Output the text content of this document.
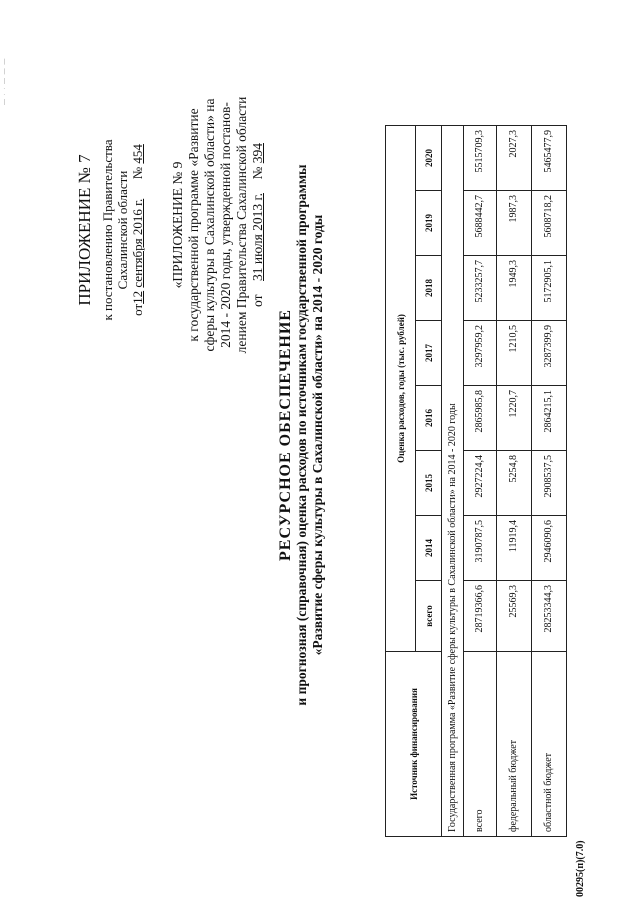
— · · — — —
ПРИЛОЖЕНИЕ № 7 к постановлению Правительства Сахалинской области
от12 сентября 2016 г.      № 454
«ПРИЛОЖЕНИЕ № 9 к государственной программе «Развитие сферы культуры в Сахалинской области» на 2014 - 2020 годы, утвержденной постанов- лением Правительства Сахалинской области от    31 июля 2013 г.    № 394
РЕСУРСНОЕ ОБЕСПЕЧЕНИЕ и прогнозная (справочная) оценка расходов по источникам государственной программы «Развитие сферы культуры в Сахалинской области» на 2014 - 2020 годы
Источник финансирования	Оценка расходов, годы (тыс. рублей)							
	всего	2014	2015	2016	2017	2018	2019	2020
Государственная программа «Развитие сферы культуры в Сахалинской области» на 2014 - 2020 годы								
всего	28719366,6	3190787,5	2927224,4	2865985,8	3297959,2	5233257,7	5688442,7	5515709,3
федеральный бюджет	25569,3	11919,4	5254,8	1220,7	1210,5	1949,3	1987,3	2027,3
областной бюджет	28253344,3	2946090,6	2908537,5	2864215,1	3287399,9	5172905,1	5608718,2	5465477,9
00295(п)(7.0)
